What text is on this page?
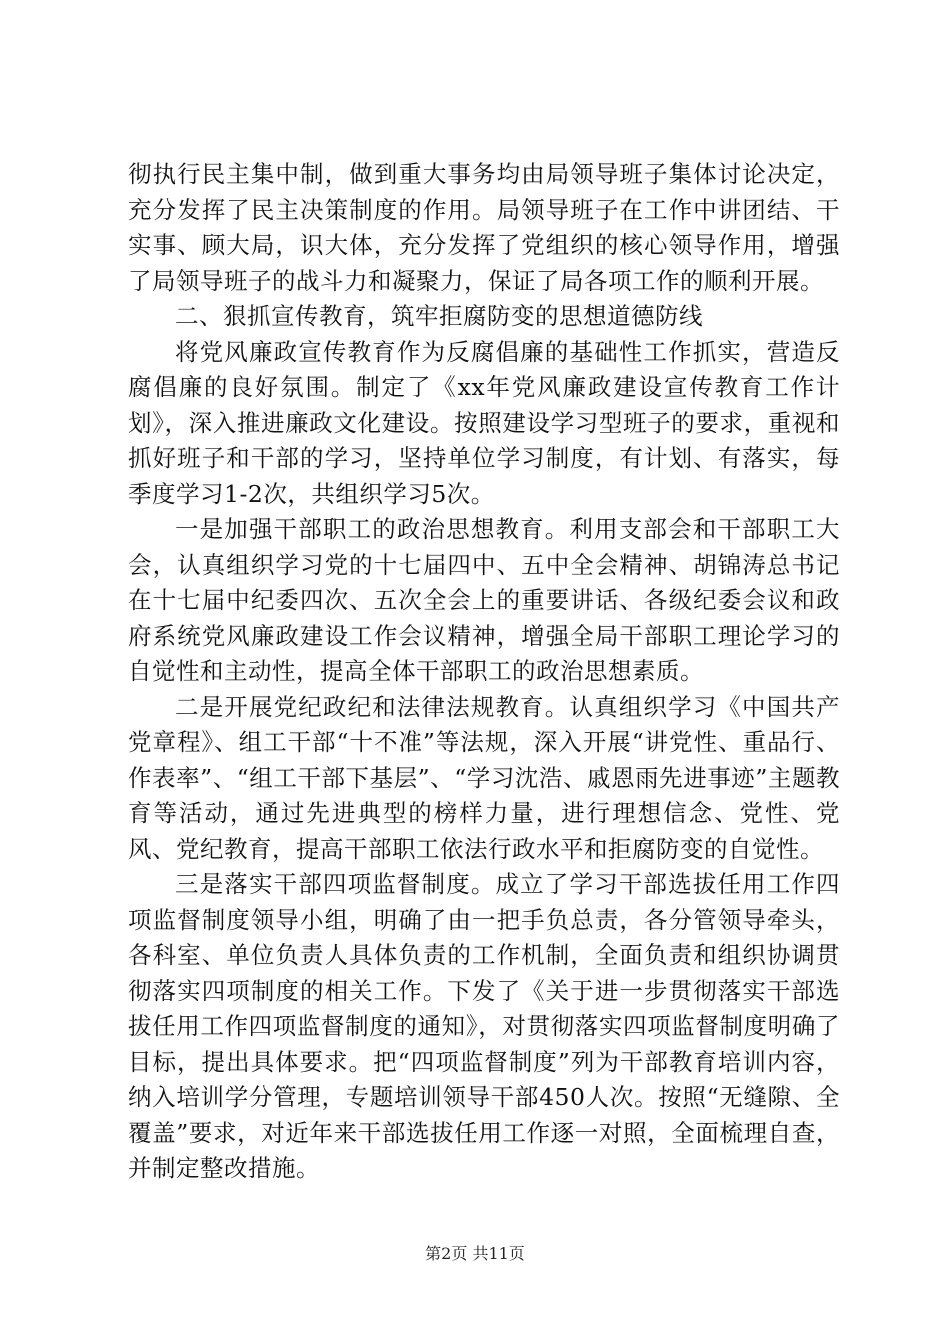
彻执行民主集中制，做到重大事务均由局领导班子集体讨论决定，充分发挥了民主决策制度的作用。局领导班子在工作中讲团结、干实事、顾大局，识大体，充分发挥了党组织的核心领导作用，增强了局领导班子的战斗力和凝聚力，保证了局各项工作的顺利开展。

二、狠抓宣传教育，筑牢拒腐防变的思想道德防线

将党风廉政宣传教育作为反腐倡廉的基础性工作抓实，营造反腐倡廉的良好氛围。制定了《xx年党风廉政建设宣传教育工作计划》，深入推进廉政文化建设。按照建设学习型班子的要求，重视和抓好班子和干部的学习，坚持单位学习制度，有计划、有落实，每季度学习1-2次，共组织学习5次。

一是加强干部职工的政治思想教育。利用支部会和干部职工大会，认真组织学习党的十七届四中、五中全会精神、胡锦涛总书记在十七届中纪委四次、五次全会上的重要讲话、各级纪委会议和政府系统党风廉政建设工作会议精神，增强全局干部职工理论学习的自觉性和主动性，提高全体干部职工的政治思想素质。

二是开展党纪政纪和法律法规教育。认真组织学习《中国共产党章程》、组工干部“十不准”等法规，深入开展“讲党性、重品行、作表率”、“组工干部下基层”、“学习沈浩、戚恩雨先进事迹”主题教育等活动，通过先进典型的榜样力量，进行理想信念、党性、党风、党纪教育，提高干部职工依法行政水平和拒腐防变的自觉性。

三是落实干部四项监督制度。成立了学习干部选拔任用工作四项监督制度领导小组，明确了由一把手负总责，各分管领导牵头，各科室、单位负责人具体负责的工作机制，全面负责和组织协调贯彻落实四项制度的相关工作。下发了《关于进一步贯彻落实干部选拔任用工作四项监督制度的通知》，对贯彻落实四项监督制度明确了目标，提出具体要求。把“四项监督制度”列为干部教育培训内容，纳入培训学分管理，专题培训领导干部450人次。按照“无缝隙、全覆盖”要求，对近年来干部选拔任用工作逐一对照，全面梳理自查，并制定整改措施。

第2页 共11页
